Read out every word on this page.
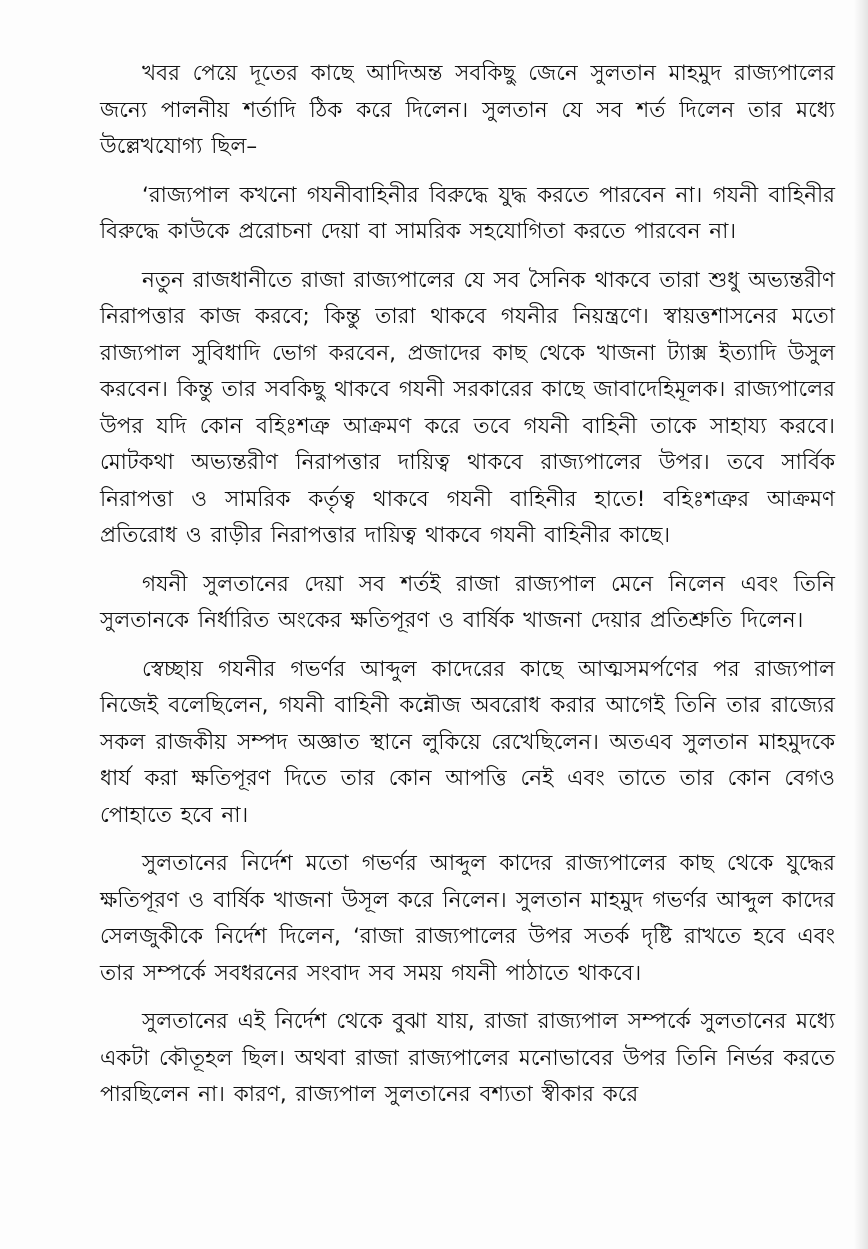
খবর পেয়ে দূতের কাছে আদিঅন্ত সবকিছু জেনে সুলতান মাহমুদ রাজ্যপালের জন্যে পালনীয় শর্তাদি ঠিক করে দিলেন। সুলতান যে সব শর্ত দিলেন তার মধ্যে উল্লেখযোগ্য ছিল–

‘রাজ্যপাল কখনো গযনীবাহিনীর বিরুদ্ধে যুদ্ধ করতে পারবেন না। গযনী বাহিনীর বিরুদ্ধে কাউকে প্ররোচনা দেয়া বা সামরিক সহযোগিতা করতে পারবেন না।

নতুন রাজধানীতে রাজা রাজ্যপালের যে সব সৈনিক থাকবে তারা শুধু অভ্যন্তরীণ নিরাপত্তার কাজ করবে; কিন্তু তারা থাকবে গযনীর নিয়ন্ত্রণে। স্বায়ত্তশাসনের মতো রাজ্যপাল সুবিধাদি ভোগ করবেন, প্রজাদের কাছ থেকে খাজনা ট্যাক্স ইত্যাদি উসুল করবেন। কিন্তু তার সবকিছু থাকবে গযনী সরকারের কাছে জাবাদেহিমূলক। রাজ্যপালের উপর যদি কোন বহিঃশত্রু আক্রমণ করে তবে গযনী বাহিনী তাকে সাহায্য করবে। মোটকথা অভ্যন্তরীণ নিরাপত্তার দায়িত্ব থাকবে রাজ্যপালের উপর। তবে সার্বিক নিরাপত্তা ও সামরিক কর্তৃত্ব থাকবে গযনী বাহিনীর হাতে! বহিঃশত্রুর আক্রমণ প্রতিরোধ ও রাড়ীর নিরাপত্তার দায়িত্ব থাকবে গযনী বাহিনীর কাছে।

গযনী সুলতানের দেয়া সব শর্তই রাজা রাজ্যপাল মেনে নিলেন এবং তিনি সুলতানকে নির্ধারিত অংকের ক্ষতিপূরণ ও বার্ষিক খাজনা দেয়ার প্রতিশ্রুতি দিলেন।

স্বেচ্ছায় গযনীর গভর্ণর আব্দুল কাদেরের কাছে আত্মসমর্পণের পর রাজ্যপাল নিজেই বলেছিলেন, গযনী বাহিনী কন্নৌজ অবরোধ করার আগেই তিনি তার রাজ্যের সকল রাজকীয় সম্পদ অজ্ঞাত স্থানে লুকিয়ে রেখেছিলেন। অতএব সুলতান মাহমুদকে ধার্য করা ক্ষতিপূরণ দিতে তার কোন আপত্তি নেই এবং তাতে তার কোন বেগও পোহাতে হবে না।

সুলতানের নির্দেশ মতো গভর্ণর আব্দুল কাদের রাজ্যপালের কাছ থেকে যুদ্ধের ক্ষতিপূরণ ও বার্ষিক খাজনা উসূল করে নিলেন। সুলতান মাহমুদ গভর্ণর আব্দুল কাদের সেলজুকীকে নির্দেশ দিলেন, ‘রাজা রাজ্যপালের উপর সতর্ক দৃষ্টি রাখতে হবে এবং তার সম্পর্কে সবধরনের সংবাদ সব সময় গযনী পাঠাতে থাকবে।

সুলতানের এই নির্দেশ থেকে বুঝা যায়, রাজা রাজ্যপাল সম্পর্কে সুলতানের মধ্যে একটা কৌতূহল ছিল। অথবা রাজা রাজ্যপালের মনোভাবের উপর তিনি নির্ভর করতে পারছিলেন না। কারণ, রাজ্যপাল সুলতানের বশ্যতা স্বীকার করে
